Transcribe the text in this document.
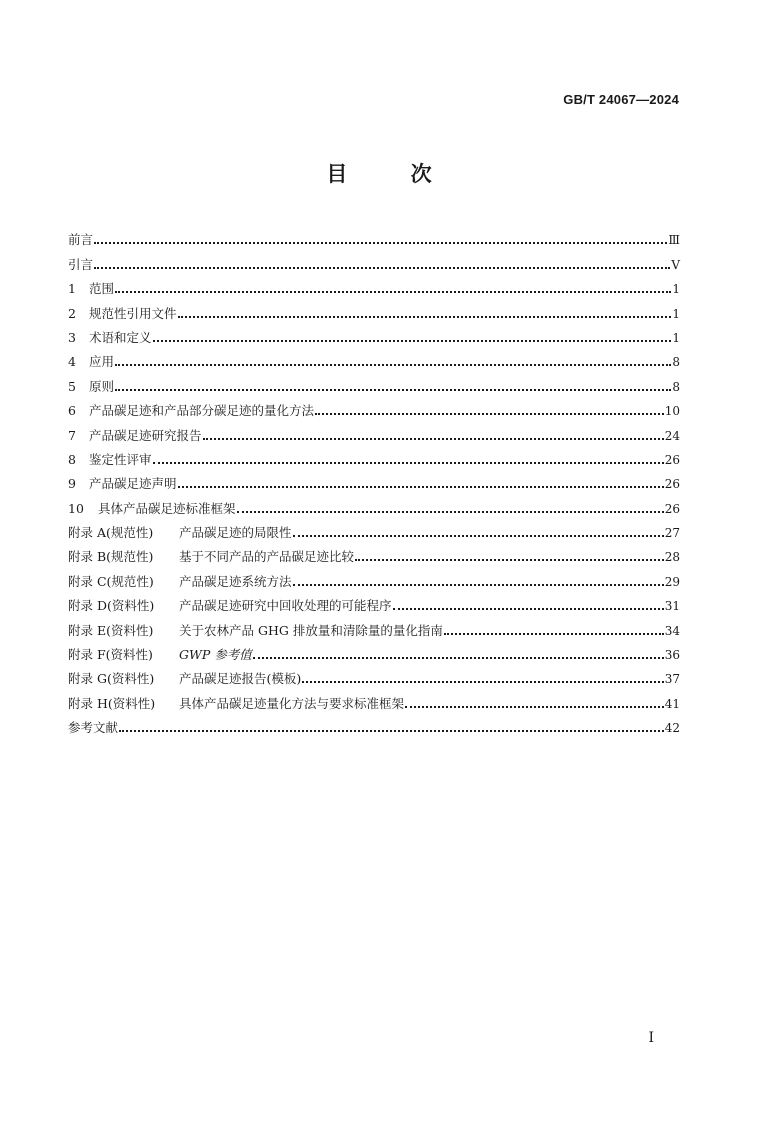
GB/T 24067—2024
目 次
前言	Ⅲ
引言	Ⅴ
1	范围	1
2	规范性引用文件	1
3	术语和定义	1
4	应用	8
5	原则	8
6	产品碳足迹和产品部分碳足迹的量化方法	10
7	产品碳足迹研究报告	24
8	鉴定性评审	26
9	产品碳足迹声明	26
10	具体产品碳足迹标准框架	26
附录 A(规范性)	产品碳足迹的局限性	27
附录 B(规范性)	基于不同产品的产品碳足迹比较	28
附录 C(规范性)	产品碳足迹系统方法	29
附录 D(资料性)	产品碳足迹研究中回收处理的可能程序	31
附录 E(资料性)	关于农林产品 GHG 排放量和清除量的量化指南	34
附录 F(资料性)	GWP 参考值	36
附录 G(资料性)	产品碳足迹报告(模板)	37
附录 H(资料性)	具体产品碳足迹量化方法与要求标准框架	41
参考文献	42
Ⅰ
